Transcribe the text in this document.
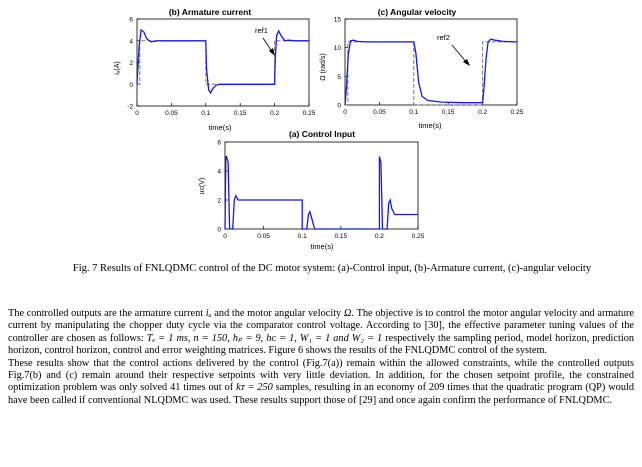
(b) Armature current
iₐ(A)
time(s)
ref1
0	0.05	0.1	0.15	0.2	0.25
-2
0
2
4
6
(c) Angular velocity
Ω (rad/s)
time(s)
ref2
0	0.05	0.1	0.15	0.2	0.25
0
5
10
15
(a) Control Input
uᴄ(V)
time(s)
0	0.05	0.1	0.15	0.2	0.25
0
2
4
6
Fig. 7 Results of FNLQDMC control of the DC motor system: (a)-Control input, (b)-Armature current, (c)-angular velocity

The controlled outputs are the armature current iₐ and the motor angular velocity Ω. The objective is to control the motor angular velocity and armature current by manipulating the chopper duty cycle via the comparator control voltage. According to [30], the effective parameter tuning values of the controller are chosen as follows: Tₑ = 1 ms, n = 150, hₚ = 9, hᴄ = 1, W₁ = 1 and W₂ = 1 respectively the sampling period, model horizon, prediction horizon, control horizon, control and error weighting matrices. Figure 6 shows the results of the FNLQDMC control of the system.

These results show that the control actions delivered by the control (Fig.7(a)) remain within the allowed constraints, while the controlled outputs Fig.7(b) and (c) remain around their respective setpoints with very little deviation. In addition, for the chosen setpoint profile, the constrained optimization problem was only solved 41 times out of kᴛ = 250 samples, resulting in an economy of 209 times that the quadratic program (QP) would have been called if conventional NLQDMC was used. These results support those of [29] and once again confirm the performance of FNLQDMC.
